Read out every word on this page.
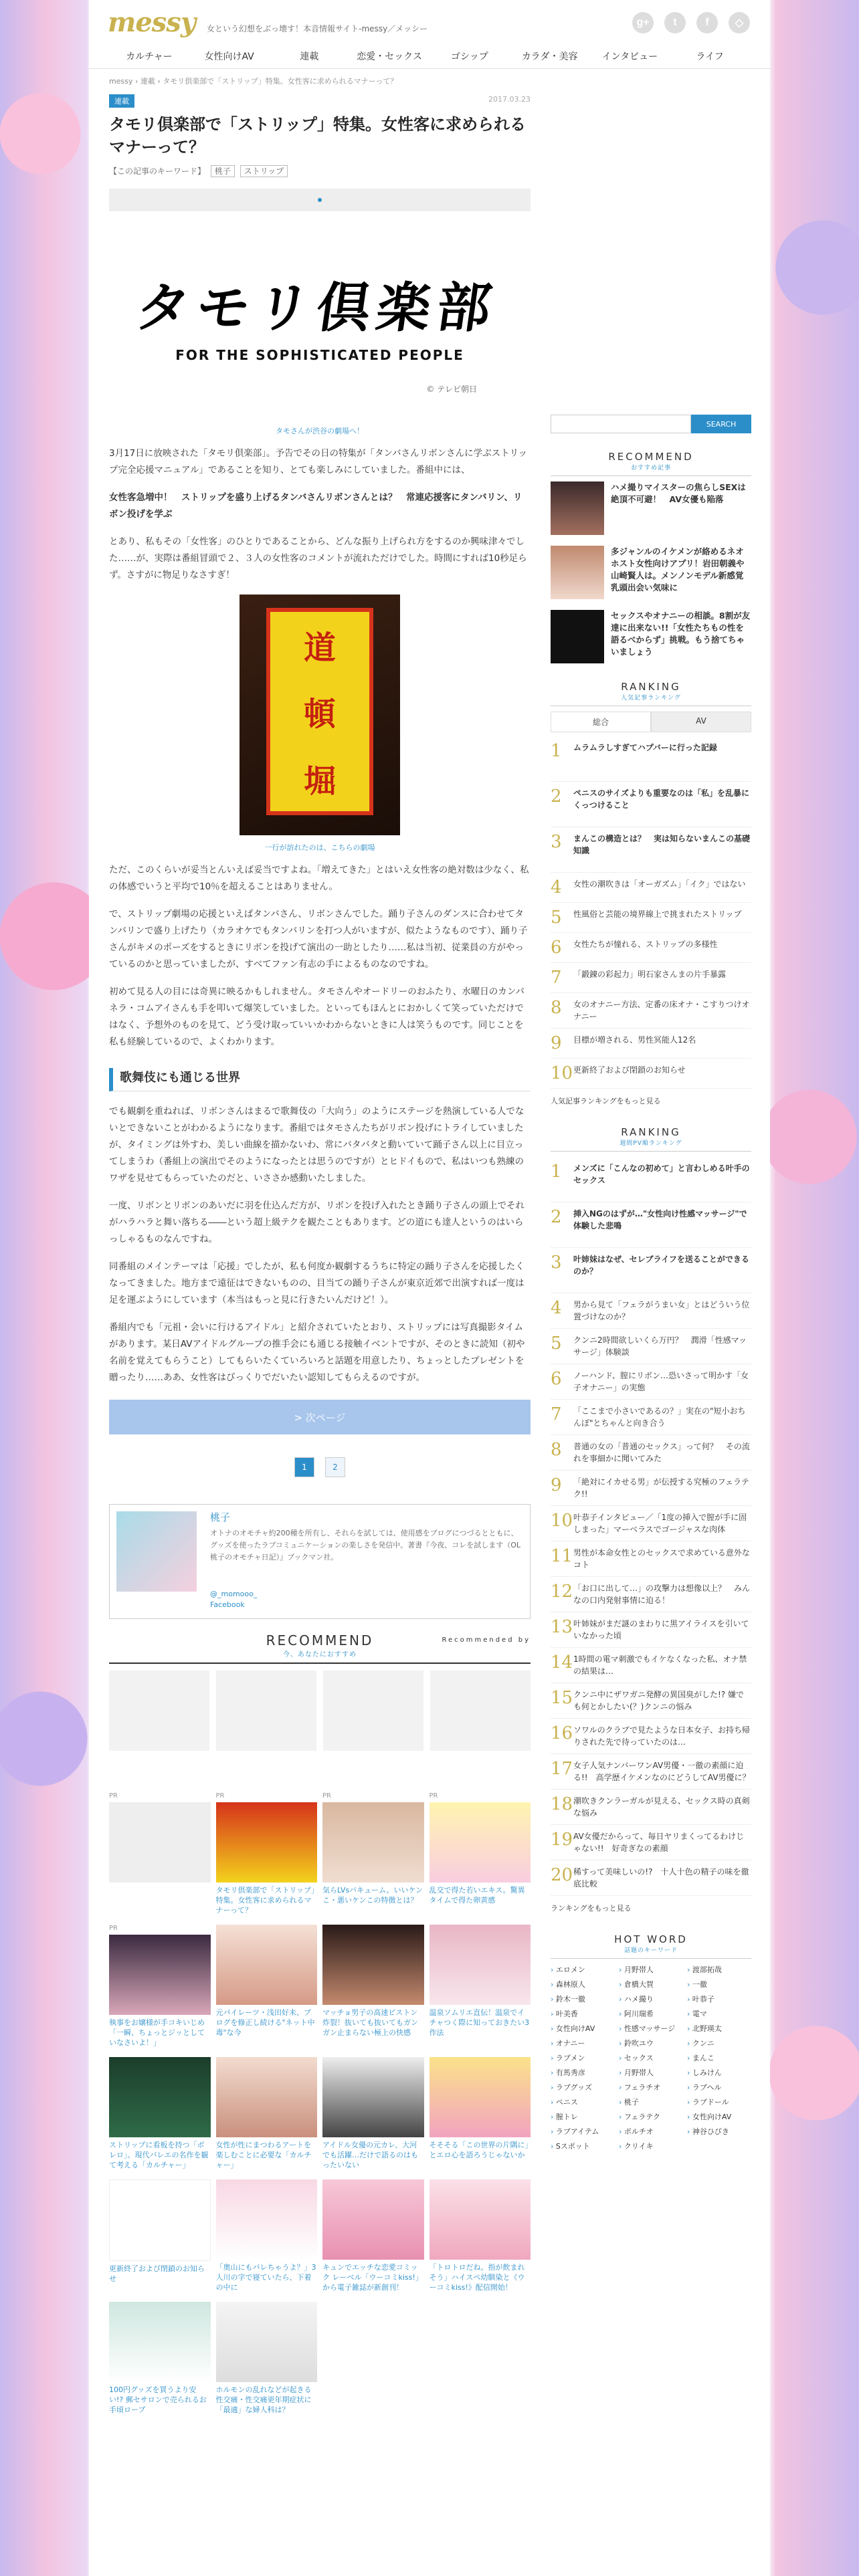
messy 女という幻想をぶっ壊す！本音情報サイト-messy／メッシー
g+	t	f	◇
カルチャー	女性向けAV	連載	恋愛・セックス	ゴシップ	カラダ・美容	インタビュー	ライフ
messy › 連載 › タモリ倶楽部で「ストリップ」特集。女性客に求められるマナーって？
連載	2017.03.23
タモリ倶楽部で「ストリップ」特集。女性客に求められるマナーって？
【この記事のキーワード】 桃子 ストリップ
タモリ倶楽部
FOR THE SOPHISTICATED PEOPLE
© テレビ朝日
タモさんが渋谷の劇場へ！

3月17日に放映された「タモリ倶楽部」。予告でその日の特集が「タンバさんリボンさんに学ぶストリップ完全応援マニュアル」であることを知り、とても楽しみにしていました。番組中には、

女性客急増中！　ストリップを盛り上げるタンバさんリボンさんとは？　常連応援客にタンバリン、リボン投げを学ぶ

とあり、私もその「女性客」のひとりであることから、どんな振り上げられ方をするのか興味津々でした……が、実際は番組冒頭で２、３人の女性客のコメントが流れただけでした。時間にすれば10秒足らず。さすがに物足りなさすぎ！

道
頓
堀
一行が訪れたのは、こちらの劇場

ただ、このくらいが妥当とんいえば妥当ですよね。「増えてきた」とはいえ女性客の絶対数は少なく、私の体感でいうと平均で10％を超えることはありません。

で、ストリップ劇場の応援といえばタンバさん、リボンさんでした。踊り子さんのダンスに合わせてタンバリンで盛り上げたり（カラオケでもタンバリンを打つ人がいますが、似たようなものです）、踊り子さんがキメのポーズをするときにリボンを投げて演出の一助としたり……私は当初、従業員の方がやっているのかと思っていましたが、すべてファン有志の手によるものなのですね。

初めて見る人の目には奇異に映るかもしれません。タモさんやオードリーのおふたり、水曜日のカンパネラ・コムアイさんも手を叩いて爆笑していました。といってもほんとにおかしくて笑っていただけではなく、予想外のものを見て、どう受け取っていいかわからないときに人は笑うものです。同じことを私も経験しているので、よくわかります。

歌舞伎にも通じる世界

でも観劇を重ねれば、リボンさんはまるで歌舞伎の「大向う」のようにステージを熱演している人でないとできないことがわかるようになります。番組ではタモさんたちがリボン投げにトライしていましたが、タイミングは外すわ、美しい曲線を描かないわ、常にバタバタと動いていて踊子さん以上に目立ってしまうわ（番組上の演出でそのようになったとは思うのですが）とヒドイもので、私はいつも熟練のワザを見せてもらっていたのだと、いささか感動いたしました。

一度、リボンとリボンのあいだに羽を仕込んだ方が、リボンを投げ入れたとき踊り子さんの頭上でそれがハラハラと舞い落ちる――という超上級テクを観たこともあります。どの道にも達人というのはいらっしゃるものなんですね。

同番組のメインテーマは「応援」でしたが、私も何度か観劇するうちに特定の踊り子さんを応援したくなってきました。地方まで遠征はできないものの、目当ての踊り子さんが東京近郊で出演すれば一度は足を運ぶようにしています（本当はもっと見に行きたいんだけど！）。

番組内でも「元祖・会いに行けるアイドル」と紹介されていたとおり、ストリップには写真撮影タイムがあります。某日AVアイドルグループの推手会にも通じる接触イベントですが、そのときに読知（初や名前を覚えてもらうこと）してもらいたくていろいろと話題を用意したり、ちょっとしたプレゼントを贈ったり……ああ、女性客はびっくりでだいたい認知してもらえるのですが。

> 次ページ
1	2
桃子
オトナのオモチャ約200種を所有し、それらを試しては、使用感をブログにつづるとともに、グッズを使ったラブコミュニケーションの楽しさを発信中。著書『今夜、コレを試します（OL桃子のオモチャ日記）』ブックマン社。
@_momooo_
Facebook
RECOMMEND
今、あなたにおすすめ
Recommended by
PR	PR
タモリ倶楽部で「ストリップ」特集。女性客に求められるマナーって？
PR
気らLVsバキューム。いいケンこ・悪いケンこの特徴とは？
PR
乱交で得た若いエキス。驚異タイムで得た卵黄感
PR
執事をお嬢様が手コキいじめ「一瞬、ちょっとジッとしていなさいよ！」
元パイレーツ・浅田好未、ブログを修正し続ける"ネット中毒"な今
マッチョ男子の高速ピストン炸裂！抜いても抜いてもガンガン止まらない極上の快感
温泉ソムリエ直伝！温泉でイチャつく際に知っておきたい3作法
ストリップに看板を持つ「ボレロ」。現代バレエの名作を観て考える「カルチャー」
女性が性にまつわるアートを楽しむことに必要な「カルチャー」
アイドル女優の元カレ、大河でも活躍…だけで語るのはもったいない
そそそる「この世界の片隅に」とエロ心を語ろうじゃないか
更新終了および閉鎖のお知らせ
「奥山にもバレちゃうよ？」3人川の字で寝ていたら、下着の中に
キュンでエッチな恋愛コミック レーベル「ウーコミkiss!」から電子雑誌が新創刊！
「トロトロだね。指が飲まれそう」ハイスペ幼馴染と《ウーコミkiss!》配信開始！
100円グッズを買うより安い!? 郵セサロンで売られるお手頃ローブ
ホルモンの乱れなどが起きる性交痛・性交痛更年期症状に「最適」な婦人科は？
SEARCH
RECOMMEND
おすすめ記事
ハメ撮りマイスターの焦らしSEXは絶頂不可避！　AV女優も陥落
多ジャンルのイケメンが絡めるネオホスト女性向けアプリ！岩田朝義や山崎賢人は。メンノンモデル新感覚乳頭出会い気味に
セックスやオナニーの相談。8割が友達に出来ない!!「女性たちもの性を語るべからず」挑戦。もう捨てちゃいましょう
RANKING
人気記事ランキング
総合	AV
1	ムラムラしすぎてハプバーに行った記録
2	ペニスのサイズよりも重要なのは「私」を乱暴にくっつけること
3	まんこの構造とは？　実は知らないまんこの基礎知識
4	女性の潮吹きは「オーガズム」「イク」ではない
5	性風俗と芸能の境界線上で挑まれたストリップ
6	女性たちが憧れる、ストリップの多様性
7	「鍛錬の彩起力」明石家さんまの片手暴露
8	女のオナニー方法、定番の床オナ・こすりつけオナニー
9	目標が増される、男性冥能人12名
10 更新終了および閉鎖のお知らせ
人気記事ランキングをもっと見る
RANKING
週間PV順ランキング
1	メンズに「こんなの初めて」と言わしめる叶手のセックス
2	挿入NGのはずが…"女性向け性感マッサージ"で体験した悲鳴
3	叶姉妹はなぜ、セレブライフを送ることができるのか？
4	男から見て「フェラがうまい女」とはどういう位置づけなのか？
5	クンニ2時間欲しいくら万円？　潤滑「性感マッサージ」体験談
6	ノーハンド、膣にリボン…恐いさって明かす「女子オナニー」の実態
7	「ここまで小さいであるの？」実在の"短小おちんぽ"とちゃんと向き合う
8	普通の女の「普通のセックス」って何？　その流れを事細かに聞いてみた
9	「絶対にイカせる男」が伝授する究極のフェラテク!!
10 叶恭子インタビュー／「1度の挿入で膣が手に固しまった」マーベラスでゴージャスな肉体
11 男性が本命女性とのセックスで求めている意外なコト
12 「お口に出して…」の攻撃力は想像以上？　みんなの口内発射事情に迫る！
13 叶姉妹がまだ謎のまわりに黒アイライスを引いていなかった頃
14 1時間の電マ刺激でもイケなくなった私、オナ禁の結果は…
15 クンニ中にザワガニ発酵の異国臭がした!? 嫌でも何とかしたい(？)クンニの悩み
16 ソワルのクラブで見たような日本女子、お持ち帰りされた先で待っていたのは…
17 女子人気ナンバーワンAV男優・一徹の素顔に迫る!!　高学歴イケメンなのにどうしてAV男優に？
18 潮吹きクンラーガルが見える、セックス時の真剣な悩み
19 AV女優だからって、毎日ヤリまくってるわけじゃない!!　好奇ぎなの素顔
20 稀すって美味しいの!?　十人十色の精子の味を徹底比較
ランキングをもっと見る
HOT WORD
話題のキーワード
› エロメン	› 月野帯人	› 渡部拓哉
› 森林原人	› 倉橋大賀	› 一徹
› 鈴木一徹	› ハメ撮り	› 叶恭子
› 叶美香	› 阿川瑞希	› 電マ
› 女性向けAV	› 性感マッサージ	› 北野瑛太
› オナニー	› 鈴吹ユウ	› クンニ
› ラブメン	› セックス	› まんこ
› 有馬秀彦	› 月野帯人	› しみけん
› ラブグッズ	› フェラチオ	› ラブヘル
› ペニス	› 桃子	› ラブドール
› 膣トレ	› フェラテク	› 女性向けAV
› ラブアイテム	› ポルチオ	› 神谷ひびき
› Sスポット	› クリイキ
